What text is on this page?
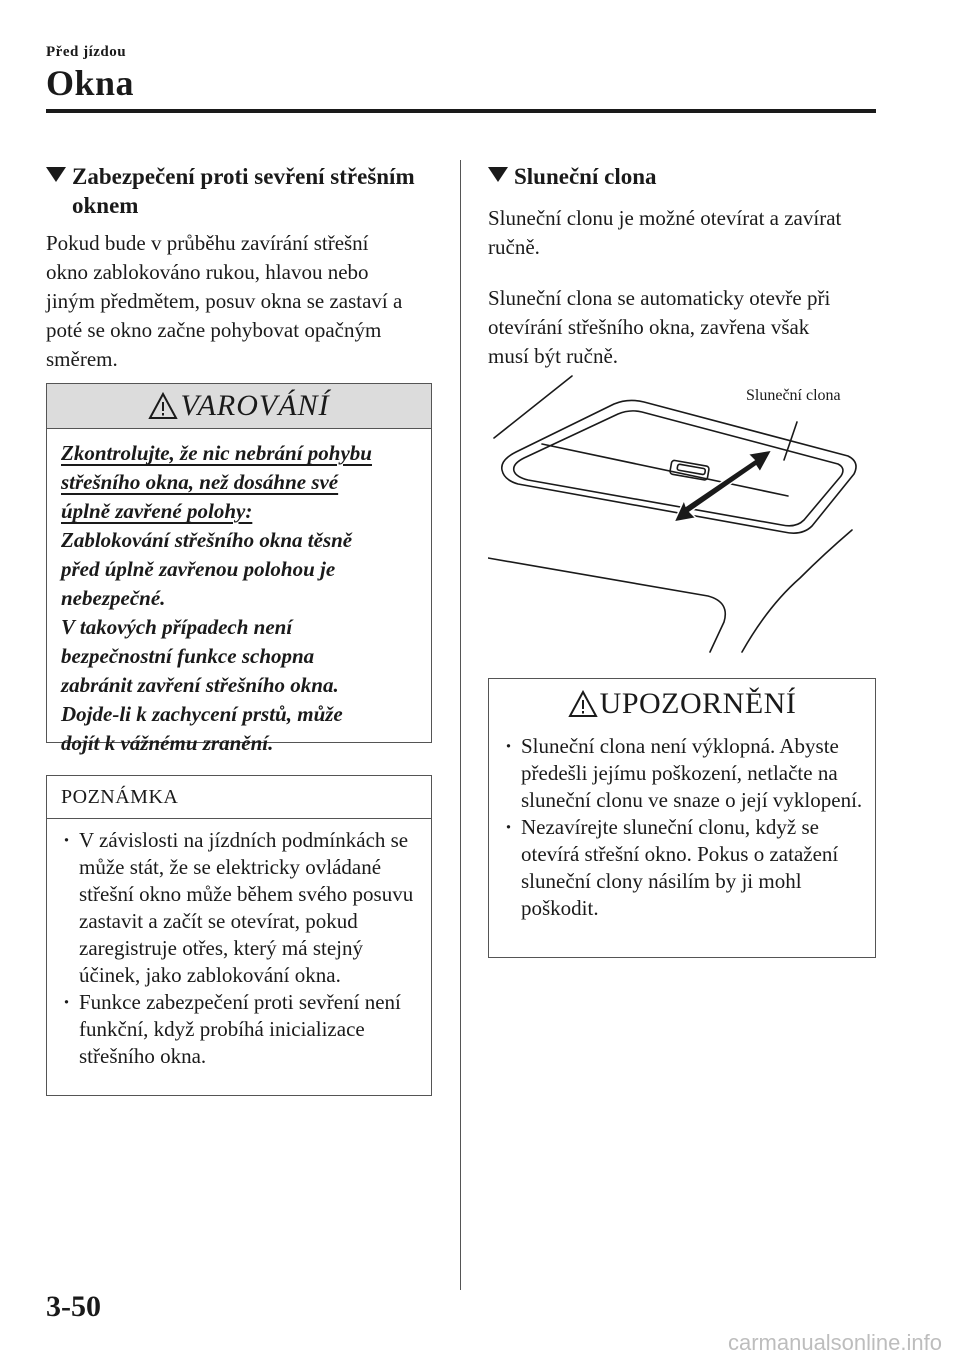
Před jízdou
Okna
Zabezpečení proti sevření střešním
oknem
Pokud bude v průběhu zavírání střešní
okno zablokováno rukou, hlavou nebo
jiným předmětem, posuv okna se zastaví a
poté se okno začne pohybovat opačným
směrem.
VAROVÁNÍ
Zkontrolujte, že nic nebrání pohybu
střešního okna, než dosáhne své
úplně zavřené polohy:
Zablokování střešního okna těsně
před úplně zavřenou polohou je
nebezpečné.
V takových případech není
bezpečnostní funkce schopna
zabránit zavření střešního okna.
Dojde-li k zachycení prstů, může
dojít k vážnému zranění.
POZNÁMKA
· V závislosti na jízdních podmínkách se může stát, že se elektricky ovládané střešní okno může během svého posuvu zastavit a začít se otevírat, pokud zaregistruje otřes, který má stejný účinek, jako zablokování okna.
· Funkce zabezpečení proti sevření není funkční, když probíhá inicializace střešního okna.
Sluneční clona
Sluneční clonu je možné otevírat a zavírat
ručně.
Sluneční clona se automaticky otevře při
otevírání střešního okna, zavřena však
musí být ručně.
Sluneční clona
UPOZORNĚNÍ
· Sluneční clona není výklopná. Abyste předešli jejímu poškození, netlačte na sluneční clonu ve snaze o její vyklopení.
· Nezavírejte sluneční clonu, když se otevírá střešní okno. Pokus o zatažení sluneční clony násilím by ji mohl poškodit.
3-50
carmanualsonline.info
